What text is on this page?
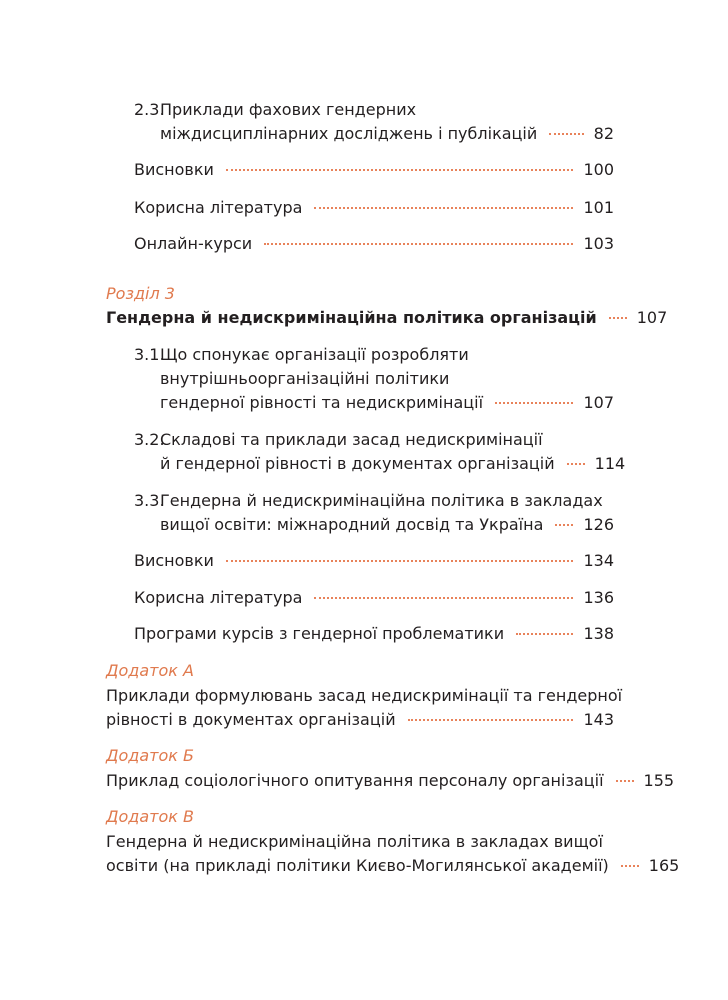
2.3.
Приклади фахових гендерних
міждисциплінарних досліджень і публікацій	82
Висновки	100
Корисна література	101
Онлайн-курси	103
Розділ 3
Гендерна й недискримінаційна політика організацій	107
3.1.
Що спонукає організації розробляти
внутрішньоорганізаційні політики
гендерної рівності та недискримінації	107
3.2.
Складові та приклади засад недискримінації
й гендерної рівності в документах організацій	114
3.3.
Гендерна й недискримінаційна політика в закладах
вищої освіти: міжнародний досвід та Україна	126
Висновки	134
Корисна література	136
Програми курсів з гендерної проблематики	138
Додаток А
Приклади формулювань засад недискримінації та гендерної
рівності в документах організацій	143
Додаток Б
Приклад соціологічного опитування персоналу організації	155
Додаток В
Гендерна й недискримінаційна політика в закладах вищої
освіти (на прикладі політики Києво-Могилянської академії)	165
